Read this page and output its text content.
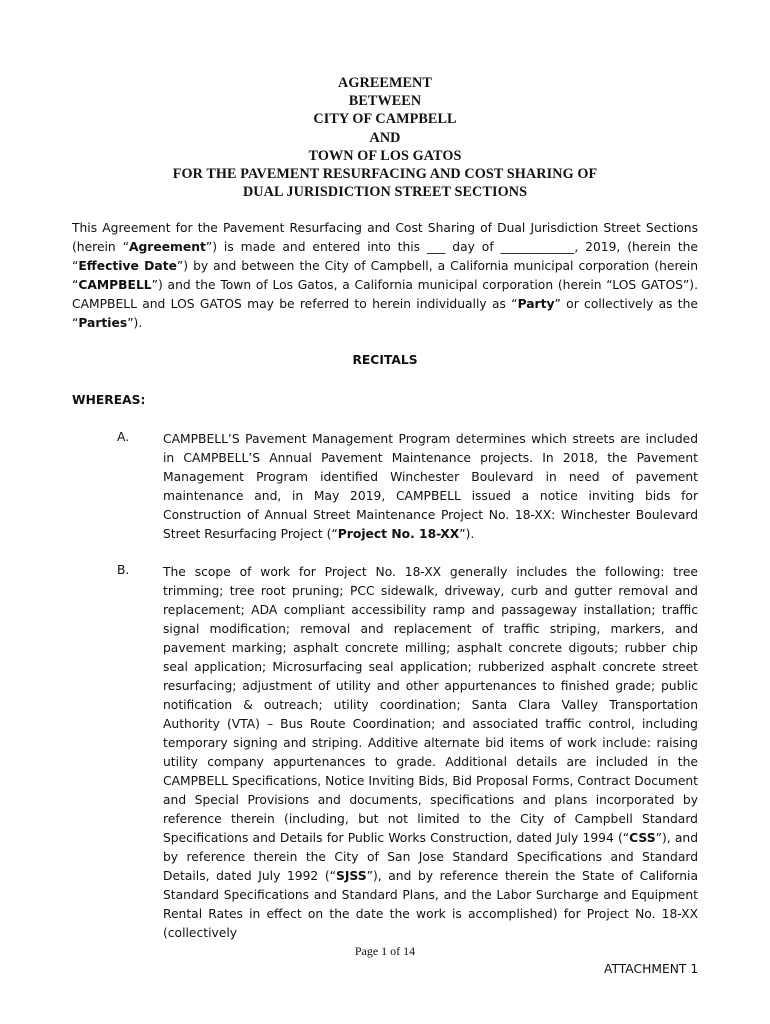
AGREEMENT
BETWEEN
CITY OF CAMPBELL
AND
TOWN OF LOS GATOS
FOR THE PAVEMENT RESURFACING AND COST SHARING OF
DUAL JURISDICTION STREET SECTIONS
This Agreement for the Pavement Resurfacing and Cost Sharing of Dual Jurisdiction Street Sections (herein “Agreement”) is made and entered into this ___ day of ____________, 2019, (herein the “Effective Date”) by and between the City of Campbell, a California municipal corporation (herein “CAMPBELL”) and the Town of Los Gatos, a California municipal corporation (herein “LOS GATOS”). CAMPBELL and LOS GATOS may be referred to herein individually as “Party” or collectively as the “Parties”).
RECITALS
WHEREAS:
A.	CAMPBELL’S Pavement Management Program determines which streets are included in CAMPBELL’S Annual Pavement Maintenance projects. In 2018, the Pavement Management Program identified Winchester Boulevard in need of pavement maintenance and, in May 2019, CAMPBELL issued a notice inviting bids for Construction of Annual Street Maintenance Project No. 18-XX: Winchester Boulevard Street Resurfacing Project (“Project No. 18-XX”).
B.	The scope of work for Project No. 18-XX generally includes the following: tree trimming; tree root pruning; PCC sidewalk, driveway, curb and gutter removal and replacement; ADA compliant accessibility ramp and passageway installation; traffic signal modification; removal and replacement of traffic striping, markers, and pavement marking; asphalt concrete milling; asphalt concrete digouts; rubber chip seal application; Microsurfacing seal application; rubberized asphalt concrete street resurfacing; adjustment of utility and other appurtenances to finished grade; public notification & outreach; utility coordination; Santa Clara Valley Transportation Authority (VTA) – Bus Route Coordination; and associated traffic control, including temporary signing and striping. Additive alternate bid items of work include: raising utility company appurtenances to grade. Additional details are included in the CAMPBELL Specifications, Notice Inviting Bids, Bid Proposal Forms, Contract Document and Special Provisions and documents, specifications and plans incorporated by reference therein (including, but not limited to the City of Campbell Standard Specifications and Details for Public Works Construction, dated July 1994 (“CSS”), and by reference therein the City of San Jose Standard Specifications and Standard Details, dated July 1992 (“SJSS”), and by reference therein the State of California Standard Specifications and Standard Plans, and the Labor Surcharge and Equipment Rental Rates in effect on the date the work is accomplished) for Project No. 18-XX (collectively
Page 1 of 14
ATTACHMENT 1
